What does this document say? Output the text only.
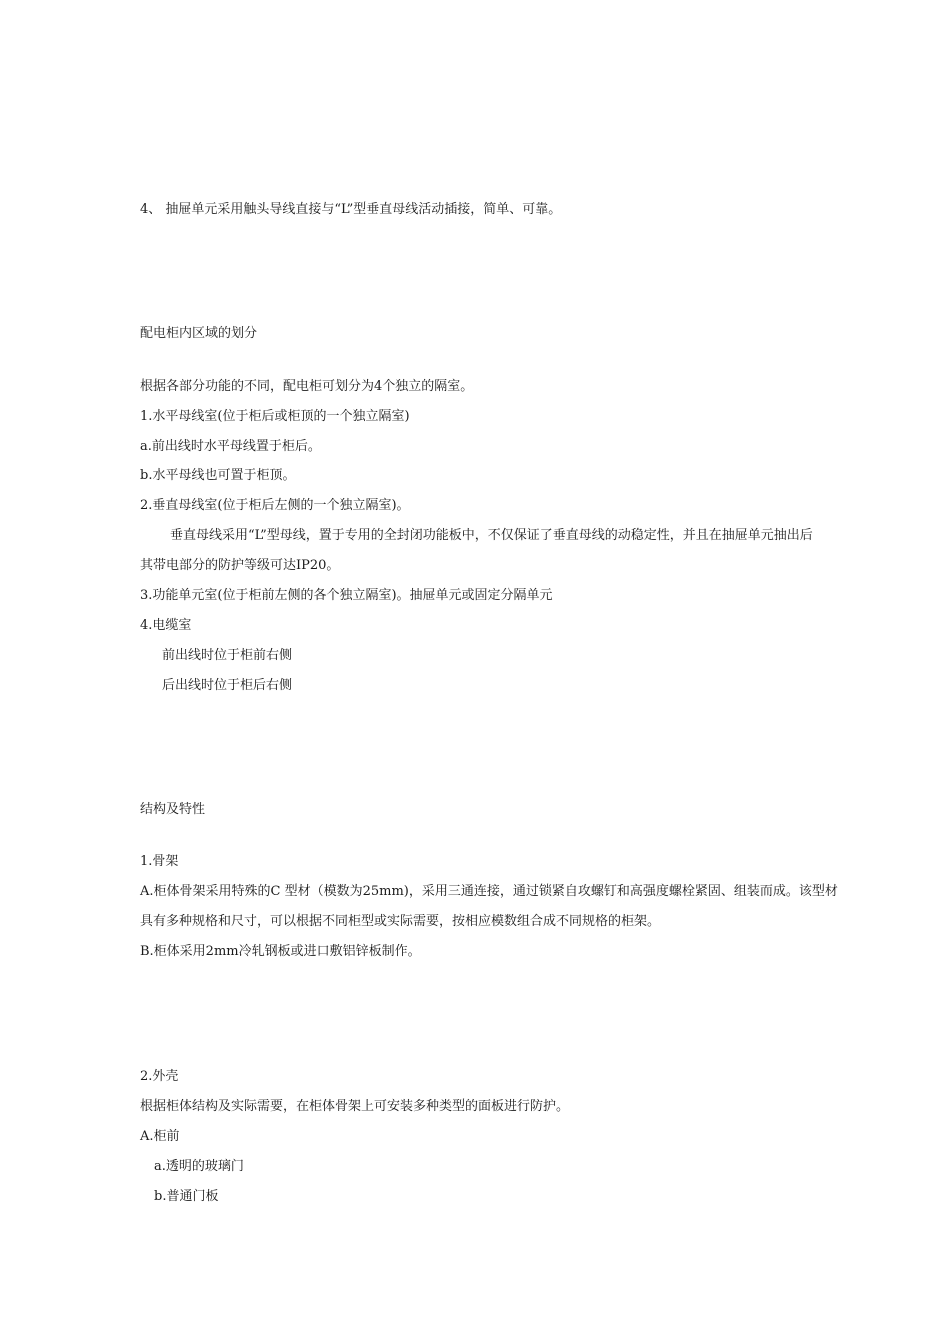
4、 抽屉单元采用触头导线直接与“L”型垂直母线活动插接，简单、可靠。
配电柜内区域的划分
根据各部分功能的不同，配电柜可划分为4个独立的隔室。
1.水平母线室(位于柜后或柜顶的一个独立隔室)
a.前出线时水平母线置于柜后。
b.水平母线也可置于柜顶。
2.垂直母线室(位于柜后左侧的一个独立隔室)。
垂直母线采用“L”型母线，置于专用的全封闭功能板中，不仅保证了垂直母线的动稳定性，并且在抽屉单元抽出后
其带电部分的防护等级可达IP20。
3.功能单元室(位于柜前左侧的各个独立隔室)。抽屉单元或固定分隔单元
4.电缆室
前出线时位于柜前右侧
后出线时位于柜后右侧
结构及特性
1.骨架
A.柜体骨架采用特殊的C 型材（模数为25mm)，采用三通连接，通过锁紧自攻螺钉和高强度螺栓紧固、组装而成。该型材
具有多种规格和尺寸，可以根据不同柜型或实际需要，按相应模数组合成不同规格的柜架。
B.柜体采用2mm冷轧钢板或进口敷铝锌板制作。
2.外壳
根据柜体结构及实际需要，在柜体骨架上可安装多种类型的面板进行防护。
A.柜前
a.透明的玻璃门
b.普通门板
